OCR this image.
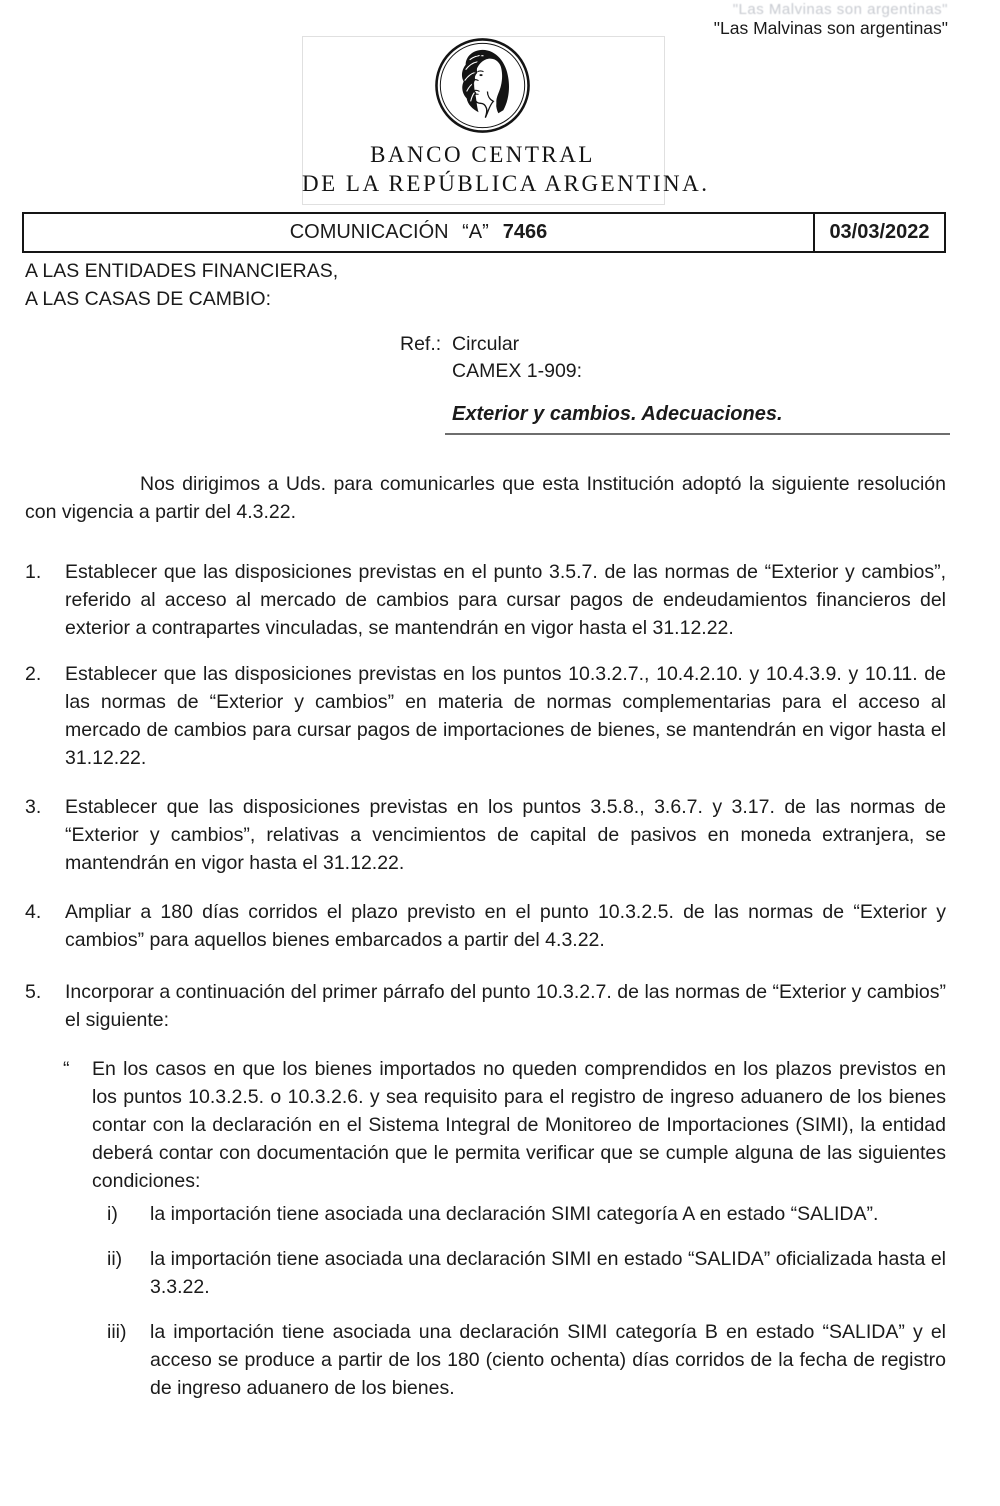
"Las Malvinas son argentinas"
"Las Malvinas son argentinas"
BANCO CENTRAL
DE LA REPÚBLICA ARGENTINA.
COMUNICACIÓN “A” 7466	03/03/2022
A LAS ENTIDADES FINANCIERAS,
A LAS CASAS DE CAMBIO:
Ref.: Circular
CAMEX 1-909:
Exterior y cambios. Adecuaciones.

Nos dirigimos a Uds. para comunicarles que esta Institución adoptó la siguiente resolución con vigencia a partir del 4.3.22.

1.	Establecer que las disposiciones previstas en el punto 3.5.7. de las normas de “Exterior y cambios”, referido al acceso al mercado de cambios para cursar pagos de endeudamientos financieros del exterior a contrapartes vinculadas, se mantendrán en vigor hasta el 31.12.22.
2.	Establecer que las disposiciones previstas en los puntos 10.3.2.7., 10.4.2.10. y 10.4.3.9. y 10.11. de las normas de “Exterior y cambios” en materia de normas complementarias para el acceso al mercado de cambios para cursar pagos de importaciones de bienes, se mantendrán en vigor hasta el 31.12.22.
3.	Establecer que las disposiciones previstas en los puntos 3.5.8., 3.6.7. y 3.17. de las normas de “Exterior y cambios”, relativas a vencimientos de capital de pasivos en moneda extranjera, se mantendrán en vigor hasta el 31.12.22.
4.	Ampliar a 180 días corridos el plazo previsto en el punto 10.3.2.5. de las normas de “Exterior y cambios” para aquellos bienes embarcados a partir del 4.3.22.
5.	Incorporar a continuación del primer párrafo del punto 10.3.2.7. de las normas de “Exterior y cambios” el siguiente:
“	En los casos en que los bienes importados no queden comprendidos en los plazos previstos en los puntos 10.3.2.5. o 10.3.2.6. y sea requisito para el registro de ingreso aduanero de los bienes contar con la declaración en el Sistema Integral de Monitoreo de Importaciones (SIMI), la entidad deberá contar con documentación que le permita verificar que se cumple alguna de las siguientes condiciones:
i)	la importación tiene asociada una declaración SIMI categoría A en estado “SALIDA”.
ii)	la importación tiene asociada una declaración SIMI en estado “SALIDA” oficializada hasta el 3.3.22.
iii)	la importación tiene asociada una declaración SIMI categoría B en estado “SALIDA” y el acceso se produce a partir de los 180 (ciento ochenta) días corridos de la fecha de registro de ingreso aduanero de los bienes.
